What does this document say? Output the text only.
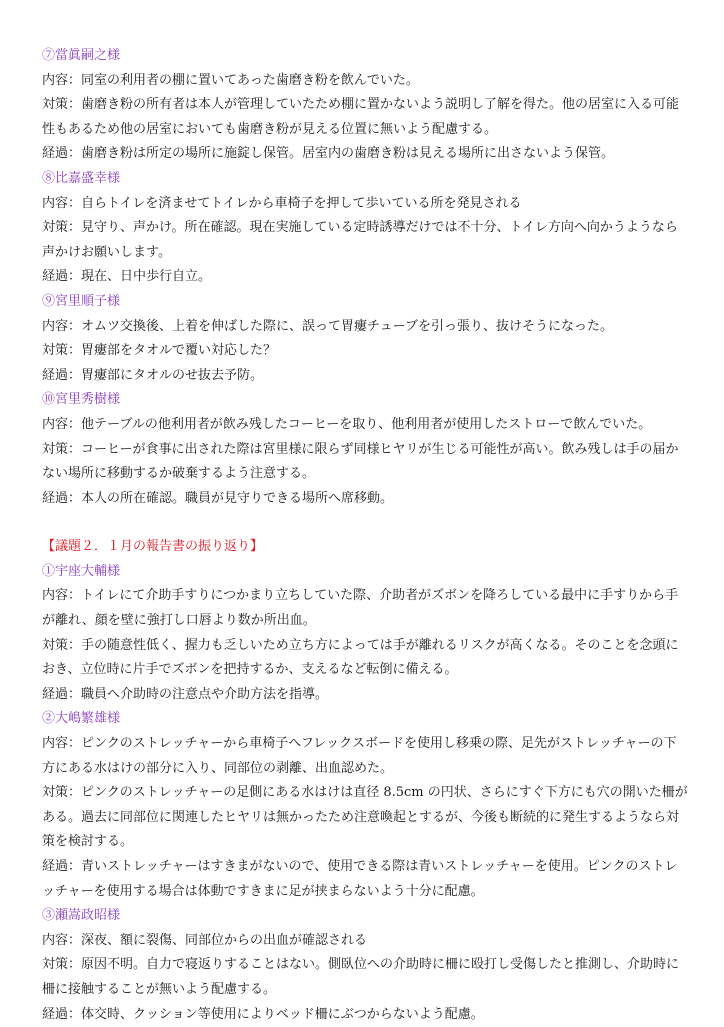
⑦當眞嗣之様
内容：同室の利用者の棚に置いてあった歯磨き粉を飲んでいた。
対策：歯磨き粉の所有者は本人が管理していたため棚に置かないよう説明し了解を得た。他の居室に入る可能
性もあるため他の居室においても歯磨き粉が見える位置に無いよう配慮する。
経過：歯磨き粉は所定の場所に施錠し保管。居室内の歯磨き粉は見える場所に出さないよう保管。
⑧比嘉盛幸様
内容：自らトイレを済ませてトイレから車椅子を押して歩いている所を発見される
対策：見守り、声かけ。所在確認。現在実施している定時誘導だけでは不十分、トイレ方向へ向かうようなら
声かけお願いします。
経過：現在、日中歩行自立。
⑨宮里順子様
内容：オムツ交換後、上着を伸ばした際に、誤って胃瘻チューブを引っ張り、抜けそうになった。
対策：胃瘻部をタオルで覆い対応した？
経過：胃瘻部にタオルのせ抜去予防。
⑩宮里秀樹様
内容：他テーブルの他利用者が飲み残したコーヒーを取り、他利用者が使用したストローで飲んでいた。
対策：コーヒーが食事に出された際は宮里様に限らず同様ヒヤリが生じる可能性が高い。飲み残しは手の届か
ない場所に移動するか破棄するよう注意する。
経過：本人の所在確認。職員が見守りできる場所へ席移動。
【議題２．１月の報告書の振り返り】
①宇座大輔様
内容：トイレにて介助手すりにつかまり立ちしていた際、介助者がズボンを降ろしている最中に手すりから手
が離れ、顔を壁に強打し口唇より数か所出血。
対策：手の随意性低く、握力も乏しいため立ち方によっては手が離れるリスクが高くなる。そのことを念頭に
おき、立位時に片手でズボンを把持するか、支えるなど転倒に備える。
経過：職員へ介助時の注意点や介助方法を指導。
②大嶋繁雄様
内容：ピンクのストレッチャーから車椅子へフレックスボードを使用し移乗の際、足先がストレッチャーの下
方にある水はけの部分に入り、同部位の剥離、出血認めた。
対策：ピンクのストレッチャーの足側にある水はけは直径 8.5cm の円状、さらにすぐ下方にも穴の開いた柵が
ある。過去に同部位に関連したヒヤリは無かったため注意喚起とするが、今後も断続的に発生するようなら対
策を検討する。
経過：青いストレッチャーはすきまがないので、使用できる際は青いストレッチャーを使用。ピンクのストレ
ッチャーを使用する場合は体動ですきまに足が挟まらないよう十分に配慮。
③瀬嵩政昭様
内容：深夜、額に裂傷、同部位からの出血が確認される
対策：原因不明。自力で寝返りすることはない。側臥位への介助時に柵に殴打し受傷したと推測し、介助時に
柵に接触することが無いよう配慮する。
経過：体交時、クッション等使用によりベッド柵にぶつからないよう配慮。
